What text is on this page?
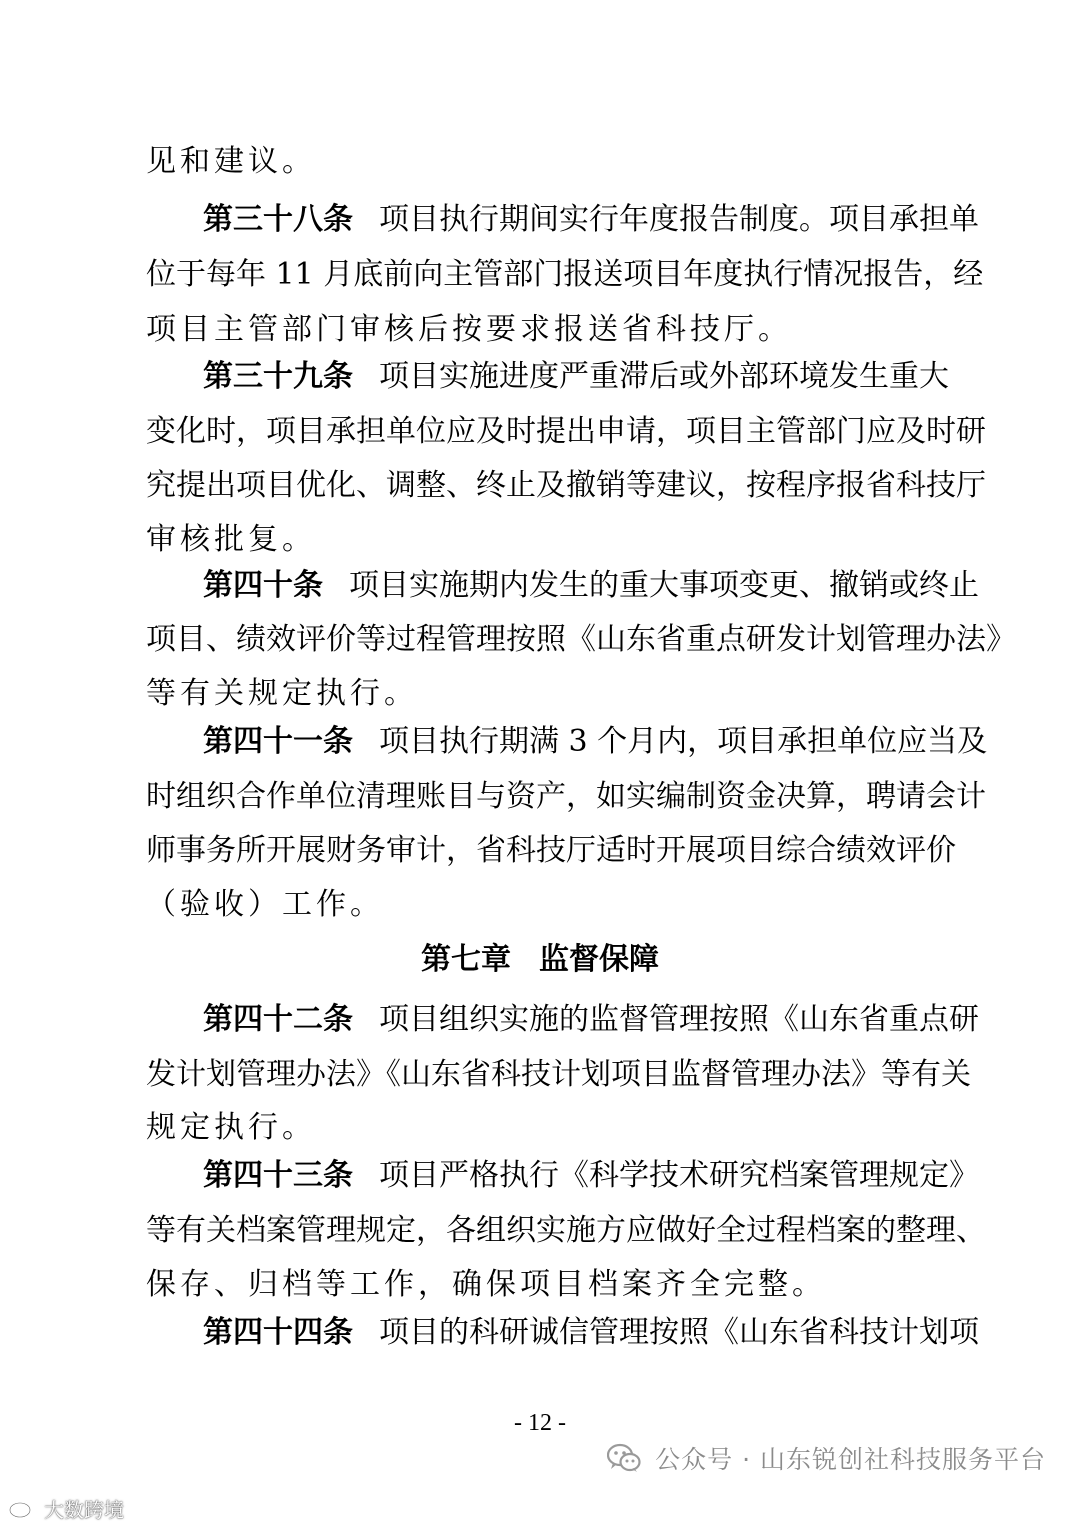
见和建议。
第三十八条 项目执行期间实行年度报告制度。项目承担单
位于每年 11 月底前向主管部门报送项目年度执行情况报告，经
项目主管部门审核后按要求报送省科技厅。
第三十九条 项目实施进度严重滞后或外部环境发生重大
变化时，项目承担单位应及时提出申请，项目主管部门应及时研
究提出项目优化、调整、终止及撤销等建议，按程序报省科技厅
审核批复。
第四十条 项目实施期内发生的重大事项变更、撤销或终止
项目、绩效评价等过程管理按照《山东省重点研发计划管理办法》
等有关规定执行。
第四十一条 项目执行期满 3 个月内，项目承担单位应当及
时组织合作单位清理账目与资产，如实编制资金决算，聘请会计
师事务所开展财务审计，省科技厅适时开展项目综合绩效评价
（验收）工作。
第七章 监督保障
第四十二条 项目组织实施的监督管理按照《山东省重点研
发计划管理办法》《山东省科技计划项目监督管理办法》等有关
规定执行。
第四十三条 项目严格执行《科学技术研究档案管理规定》
等有关档案管理规定，各组织实施方应做好全过程档案的整理、
保存、归档等工作，确保项目档案齐全完整。
第四十四条 项目的科研诚信管理按照《山东省科技计划项
- 12 -
公众号 · 山东锐创社科技服务平台
大数跨境
